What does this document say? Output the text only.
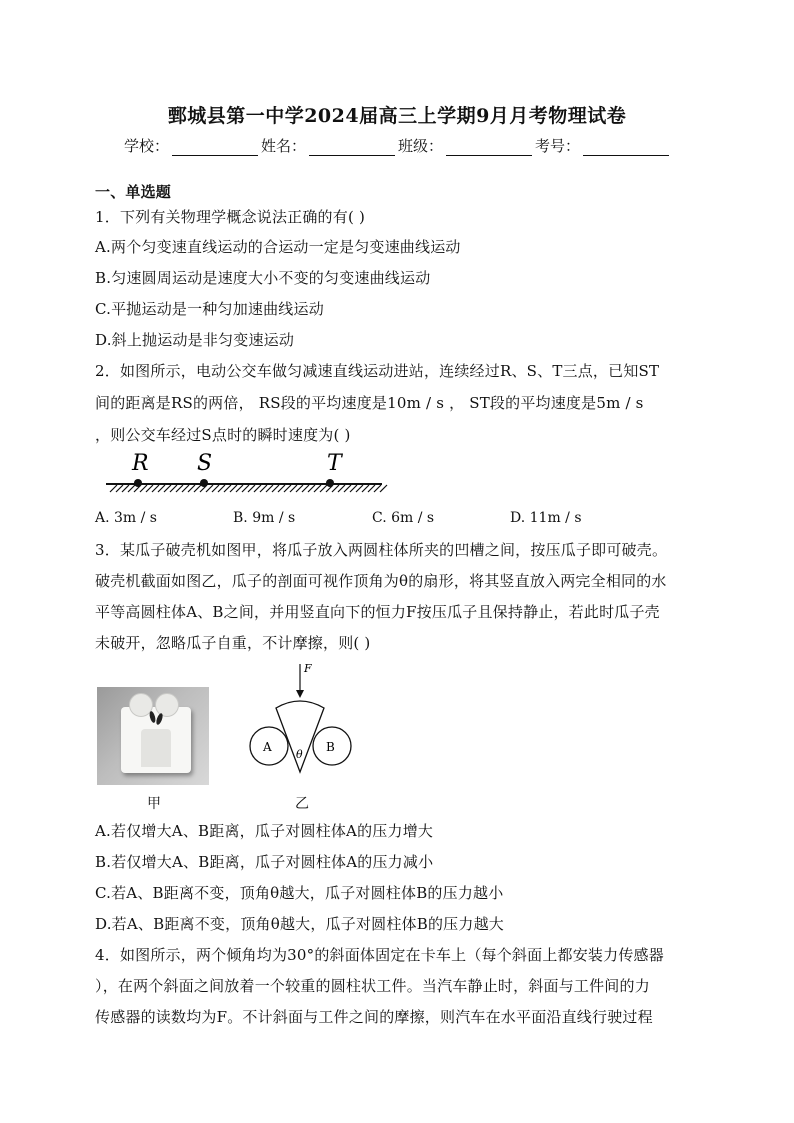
鄄城县第一中学2024届高三上学期9月月考物理试卷
学校：	姓名：	班级：	考号：
一、单选题
1．下列有关物理学概念说法正确的有( )
A.两个匀变速直线运动的合运动一定是匀变速曲线运动
B.匀速圆周运动是速度大小不变的匀变速曲线运动
C.平抛运动是一种匀加速曲线运动
D.斜上抛运动是非匀变速运动
2．如图所示，电动公交车做匀减速直线运动进站，连续经过R、S、T三点，已知ST
间的距离是RS的两倍， RS段的平均速度是10m / s ， ST段的平均速度是5m / s
，则公交车经过S点时的瞬时速度为( )
R S	T
A. 3m / s	B. 9m / s	C. 6m / s	D. 11m / s
3．某瓜子破壳机如图甲，将瓜子放入两圆柱体所夹的凹槽之间，按压瓜子即可破壳。
破壳机截面如图乙，瓜子的剖面可视作顶角为θ的扇形，将其竖直放入两完全相同的水
平等高圆柱体A、B之间，并用竖直向下的恒力F按压瓜子且保持静止，若此时瓜子壳
未破开，忽略瓜子自重，不计摩擦，则( )
甲
F
A	B
θ
乙
A.若仅增大A、B距离，瓜子对圆柱体A的压力增大
B.若仅增大A、B距离，瓜子对圆柱体A的压力减小
C.若A、B距离不变，顶角θ越大，瓜子对圆柱体B的压力越小
D.若A、B距离不变，顶角θ越大，瓜子对圆柱体B的压力越大
4．如图所示，两个倾角均为30°的斜面体固定在卡车上（每个斜面上都安装力传感器
），在两个斜面之间放着一个较重的圆柱状工件。当汽车静止时，斜面与工件间的力
传感器的读数均为F。不计斜面与工件之间的摩擦，则汽车在水平面沿直线行驶过程
